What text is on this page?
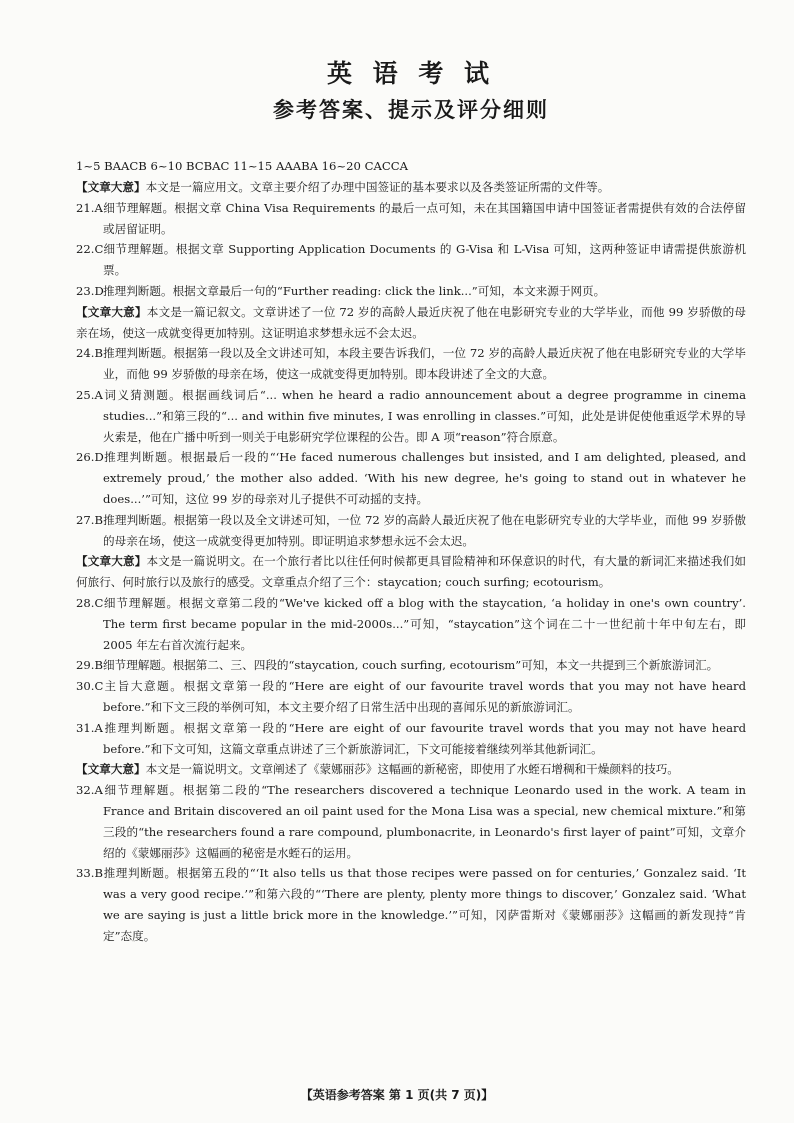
英 语 考 试
参考答案、提示及评分细则
1~5 BAACB 6~10 BCBAC 11~15 AAABA 16~20 CACCA

【文章大意】本文是一篇应用文。文章主要介绍了办理中国签证的基本要求以及各类签证所需的文件等。

21.A细节理解题。根据文章 China Visa Requirements 的最后一点可知，未在其国籍国申请中国签证者需提供有效的合法停留或居留证明。

22.C细节理解题。根据文章 Supporting Application Documents 的 G-Visa 和 L-Visa 可知，这两种签证申请需提供旅游机票。

23.D推理判断题。根据文章最后一句的“Further reading: click the link...”可知，本文来源于网页。

【文章大意】本文是一篇记叙文。文章讲述了一位 72 岁的高龄人最近庆祝了他在电影研究专业的大学毕业，而他 99 岁骄傲的母亲在场，使这一成就变得更加特别。这证明追求梦想永远不会太迟。

24.B推理判断题。根据第一段以及全文讲述可知，本段主要告诉我们，一位 72 岁的高龄人最近庆祝了他在电影研究专业的大学毕业，而他 99 岁骄傲的母亲在场，使这一成就变得更加特别。即本段讲述了全文的大意。

25.A词义猜测题。根据画线词后“... when he heard a radio announcement about a degree programme in cinema studies...”和第三段的“... and within five minutes, I was enrolling in classes.”可知，此处是讲促使他重返学术界的导火索是，他在广播中听到一则关于电影研究学位课程的公告。即 A 项“reason”符合原意。

26.D推理判断题。根据最后一段的“‘He faced numerous challenges but insisted, and I am delighted, pleased, and extremely proud,’ the mother also added. ‘With his new degree, he's going to stand out in whatever he does...’”可知，这位 99 岁的母亲对儿子提供不可动摇的支持。

27.B推理判断题。根据第一段以及全文讲述可知，一位 72 岁的高龄人最近庆祝了他在电影研究专业的大学毕业，而他 99 岁骄傲的母亲在场，使这一成就变得更加特别。即证明追求梦想永远不会太迟。

【文章大意】本文是一篇说明文。在一个旅行者比以往任何时候都更具冒险精神和环保意识的时代，有大量的新词汇来描述我们如何旅行、何时旅行以及旅行的感受。文章重点介绍了三个：staycation; couch surfing; ecotourism。

28.C细节理解题。根据文章第二段的“We've kicked off a blog with the staycation, ‘a holiday in one's own country’. The term first became popular in the mid-2000s...”可知，“staycation”这个词在二十一世纪前十年中旬左右，即 2005 年左右首次流行起来。

29.B细节理解题。根据第二、三、四段的“staycation, couch surfing, ecotourism”可知，本文一共提到三个新旅游词汇。

30.C主旨大意题。根据文章第一段的“Here are eight of our favourite travel words that you may not have heard before.”和下文三段的举例可知，本文主要介绍了日常生活中出现的喜闻乐见的新旅游词汇。

31.A推理判断题。根据文章第一段的“Here are eight of our favourite travel words that you may not have heard before.”和下文可知，这篇文章重点讲述了三个新旅游词汇，下文可能接着继续列举其他新词汇。

【文章大意】本文是一篇说明文。文章阐述了《蒙娜丽莎》这幅画的新秘密，即使用了水蛭石增稠和干燥颜料的技巧。

32.A细节理解题。根据第二段的“The researchers discovered a technique Leonardo used in the work. A team in France and Britain discovered an oil paint used for the Mona Lisa was a special, new chemical mixture.”和第三段的“the researchers found a rare compound, plumbonacrite, in Leonardo's first layer of paint”可知，文章介绍的《蒙娜丽莎》这幅画的秘密是水蛭石的运用。

33.B推理判断题。根据第五段的“‘It also tells us that those recipes were passed on for centuries,’ Gonzalez said. ‘It was a very good recipe.’”和第六段的“‘There are plenty, plenty more things to discover,’ Gonzalez said. ‘What we are saying is just a little brick more in the knowledge.’”可知，冈萨雷斯对《蒙娜丽莎》这幅画的新发现持“肯定”态度。

【英语参考答案 第 1 页(共 7 页)】
